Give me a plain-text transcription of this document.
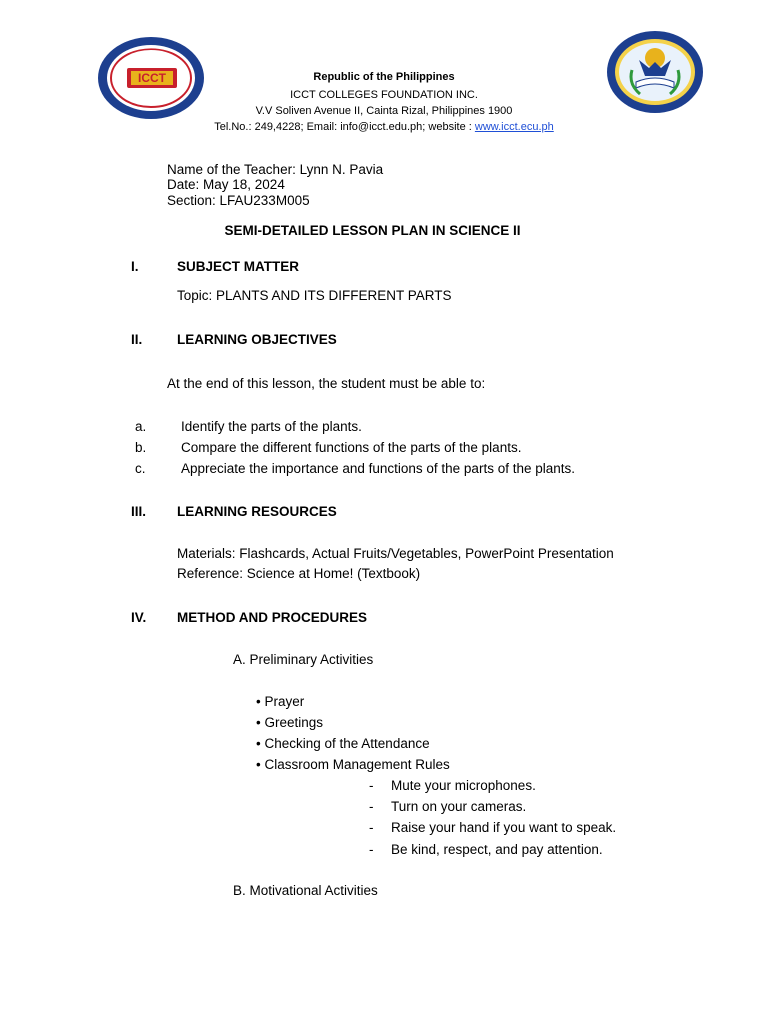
ICCT	Republic of the Philippines
ICCT COLLEGES FOUNDATION INC.
V.V Soliven Avenue II, Cainta Rizal, Philippines 1900
Tel.No.: 249,4228; Email: info@icct.edu.ph; website : www.icct.ecu.ph
Name of the Teacher: Lynn N. Pavia
Date: May 18, 2024
Section: LFAU233M005
SEMI-DETAILED LESSON PLAN IN SCIENCE II
I.	SUBJECT MATTER
Topic: PLANTS AND ITS DIFFERENT PARTS
II.	LEARNING OBJECTIVES
At the end of this lesson, the student must be able to:
a.	Identify the parts of the plants.
b.	Compare the different functions of the parts of the plants.
c.	Appreciate the importance and functions of the parts of the plants.
III. LEARNING RESOURCES
Materials: Flashcards, Actual Fruits/Vegetables, PowerPoint Presentation
Reference: Science at Home! (Textbook)
IV. METHOD AND PROCEDURES
A. Preliminary Activities
• Prayer
• Greetings
• Checking of the Attendance
• Classroom Management Rules
- Mute your microphones.
- Turn on your cameras.
- Raise your hand if you want to speak.
- Be kind, respect, and pay attention.
B. Motivational Activities
